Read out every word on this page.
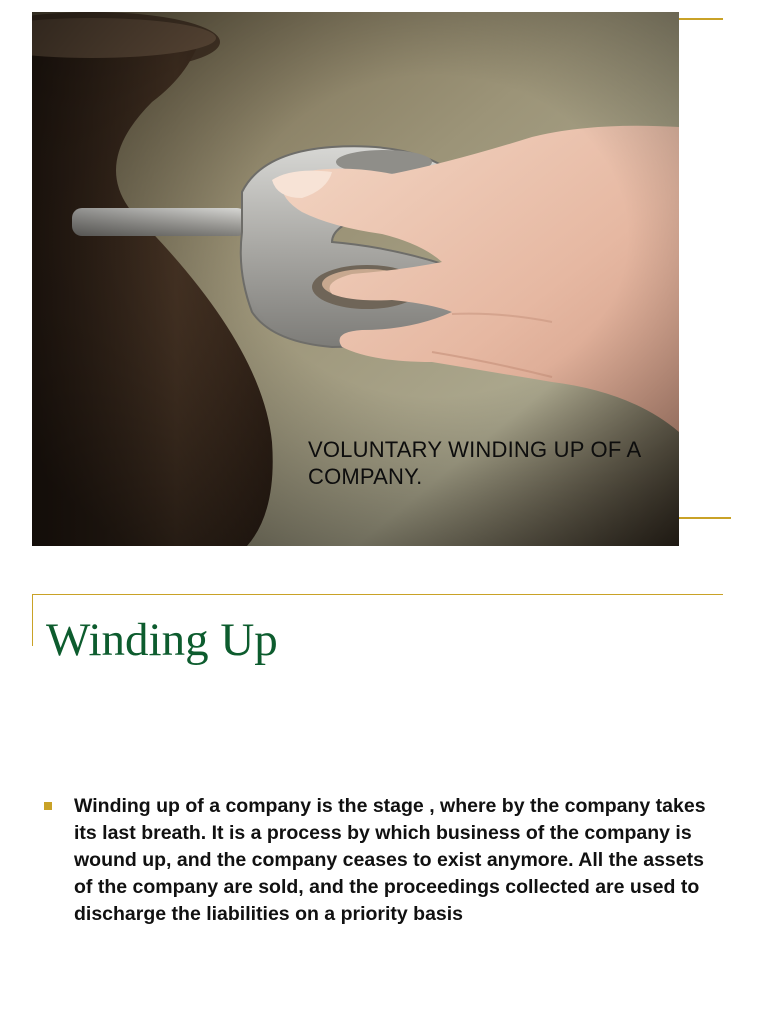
VOLUNTARY WINDING UP OF A COMPANY.
Winding Up
Winding up of a company is the stage , where by the company takes its last breath. It is a process by which business of the company is wound up, and the company ceases to exist anymore. All the assets of the company are sold, and the proceedings collected are used to discharge the liabilities on a priority basis
